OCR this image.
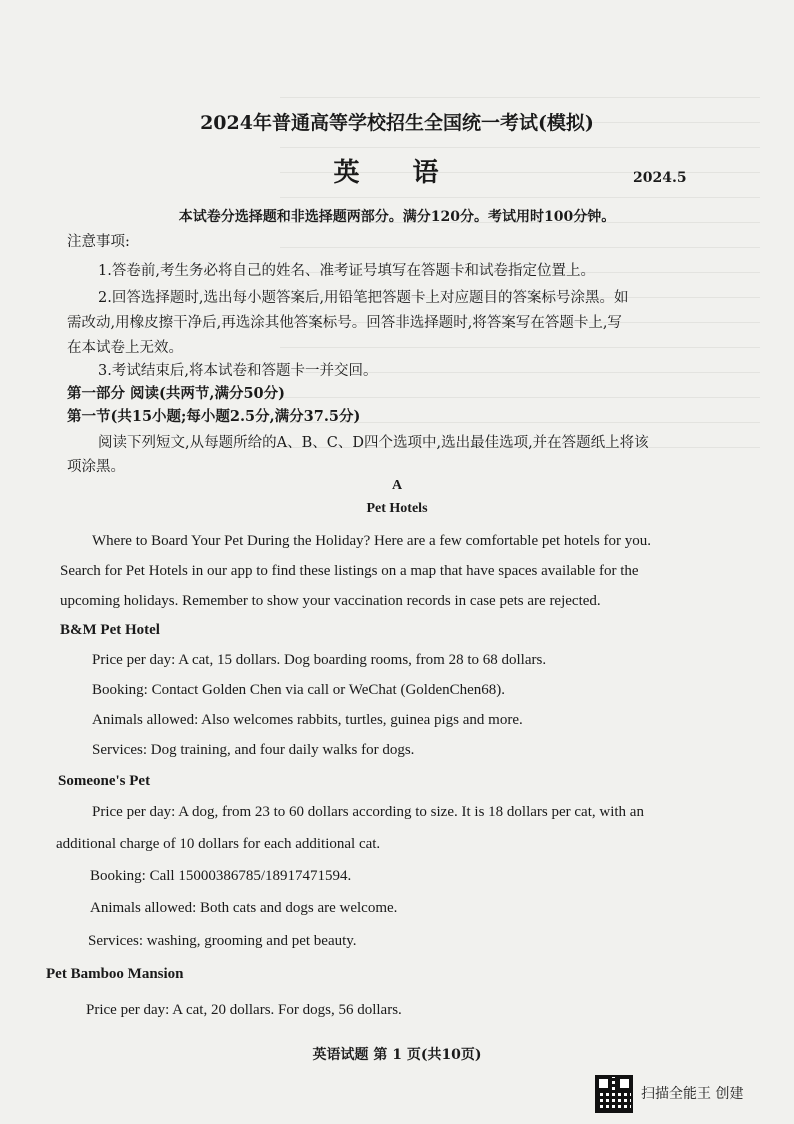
2024年普通高等学校招生全国统一考试(模拟)
英 语	2024.5
本试卷分选择题和非选择题两部分。满分120分。考试用时100分钟。
注意事项:
1.答卷前,考生务必将自己的姓名、准考证号填写在答题卡和试卷指定位置上。
2.回答选择题时,选出每小题答案后,用铅笔把答题卡上对应题目的答案标号涂黑。如
需改动,用橡皮擦干净后,再选涂其他答案标号。回答非选择题时,将答案写在答题卡上,写
在本试卷上无效。
3.考试结束后,将本试卷和答题卡一并交回。
第一部分 阅读(共两节,满分50分)
第一节(共15小题;每小题2.5分,满分37.5分)
阅读下列短文,从每题所给的A、B、C、D四个选项中,选出最佳选项,并在答题纸上将该
项涂黑。
A
Pet Hotels
Where to Board Your Pet During the Holiday? Here are a few comfortable pet hotels for you.
Search for Pet Hotels in our app to find these listings on a map that have spaces available for the
upcoming holidays. Remember to show your vaccination records in case pets are rejected.
B&M Pet Hotel
Price per day: A cat, 15 dollars. Dog boarding rooms, from 28 to 68 dollars.
Booking: Contact Golden Chen via call or WeChat (GoldenChen68).
Animals allowed: Also welcomes rabbits, turtles, guinea pigs and more.
Services: Dog training, and four daily walks for dogs.
Someone's Pet
Price per day: A dog, from 23 to 60 dollars according to size. It is 18 dollars per cat, with an
additional charge of 10 dollars for each additional cat.
Booking: Call 15000386785/18917471594.
Animals allowed: Both cats and dogs are welcome.
Services: washing, grooming and pet beauty.
Pet Bamboo Mansion
Price per day: A cat, 20 dollars. For dogs, 56 dollars.
英语试题 第 1 页(共10页)
扫描全能王 创建
